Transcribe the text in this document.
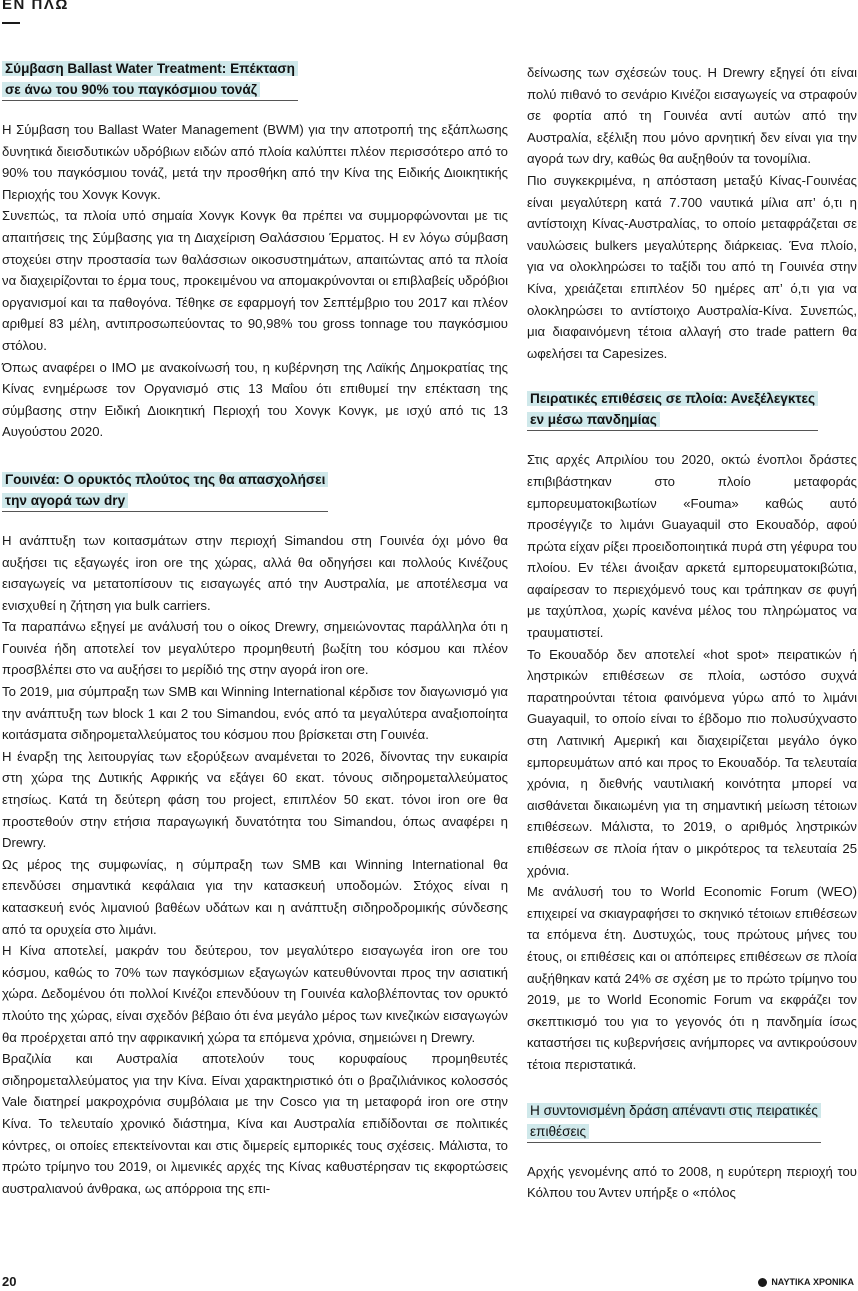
ΕΝ ΠΛΩ
Σύμβαση Ballast Water Treatment: Επέκταση
σε άνω του 90% του παγκόσμιου τονάζ

Η Σύμβαση του Ballast Water Management (BWM) για την αποτροπή της εξάπλωσης δυνητικά διεισδυτικών υδρόβιων ειδών από πλοία καλύπτει πλέον περισσότερο από το 90% του παγκόσμιου τονάζ, μετά την προσθήκη από την Κίνα της Ειδικής Διοικητικής Περιοχής του Χονγκ Κονγκ.

Συνεπώς, τα πλοία υπό σημαία Χονγκ Κονγκ θα πρέπει να συμμορφώνονται με τις απαιτήσεις της Σύμβασης για τη Διαχείριση Θαλάσσιου Έρματος. Η εν λόγω σύμβαση στοχεύει στην προστασία των θαλάσσιων οικοσυστημάτων, απαιτώντας από τα πλοία να διαχειρίζονται το έρμα τους, προκειμένου να απομακρύνονται οι επιβλαβείς υδρόβιοι οργανισμοί και τα παθογόνα. Τέθηκε σε εφαρμογή τον Σεπτέμβριο του 2017 και πλέον αριθμεί 83 μέλη, αντιπροσωπεύοντας το 90,98% του gross tonnage του παγκόσμιου στόλου.

Όπως αναφέρει ο ΙΜΟ με ανακοίνωσή του, η κυβέρνηση της Λαϊκής Δημοκρατίας της Κίνας ενημέρωσε τον Οργανισμό στις 13 Μαΐου ότι επιθυμεί την επέκταση της σύμβασης στην Ειδική Διοικητική Περιοχή του Χονγκ Κονγκ, με ισχύ από τις 13 Αυγούστου 2020.

Γουινέα: Ο ορυκτός πλούτος της θα απασχολήσει
την αγορά των dry

Η ανάπτυξη των κοιτασμάτων στην περιοχή Simandou στη Γουινέα όχι μόνο θα αυξήσει τις εξαγωγές iron ore της χώρας, αλλά θα οδηγήσει και πολλούς Κινέζους εισαγωγείς να μετατοπίσουν τις εισαγωγές από την Αυστραλία, με αποτέλεσμα να ενισχυθεί η ζήτηση για bulk carriers.

Τα παραπάνω εξηγεί με ανάλυσή του ο οίκος Drewry, σημειώνοντας παράλληλα ότι η Γουινέα ήδη αποτελεί τον μεγαλύτερο προμηθευτή βωξίτη του κόσμου και πλέον προσβλέπει στο να αυξήσει το μερίδιό της στην αγορά iron ore.

Το 2019, μια σύμπραξη των SMB και Winning International κέρδισε τον διαγωνισμό για την ανάπτυξη των block 1 και 2 του Simandou, ενός από τα μεγαλύτερα αναξιοποίητα κοιτάσματα σιδηρομεταλλεύματος του κόσμου που βρίσκεται στη Γουινέα.

Η έναρξη της λειτουργίας των εξορύξεων αναμένεται το 2026, δίνοντας την ευκαιρία στη χώρα της Δυτικής Αφρικής να εξάγει 60 εκατ. τόνους σιδηρομεταλλεύματος ετησίως. Κατά τη δεύτερη φάση του project, επιπλέον 50 εκατ. τόνοι iron ore θα προστεθούν στην ετήσια παραγωγική δυνατότητα του Simandou, όπως αναφέρει η Drewry.

Ως μέρος της συμφωνίας, η σύμπραξη των SMB και Winning International θα επενδύσει σημαντικά κεφάλαια για την κατασκευή υποδομών. Στόχος είναι η κατασκευή ενός λιμανιού βαθέων υδάτων και η ανάπτυξη σιδηροδρομικής σύνδεσης από τα ορυχεία στο λιμάνι.

Η Κίνα αποτελεί, μακράν του δεύτερου, τον μεγαλύτερο εισαγωγέα iron ore του κόσμου, καθώς το 70% των παγκόσμιων εξαγωγών κατευθύνονται προς την ασιατική χώρα. Δεδομένου ότι πολλοί Κινέζοι επενδύουν τη Γουινέα καλοβλέποντας τον ορυκτό πλούτο της χώρας, είναι σχεδόν βέβαιο ότι ένα μεγάλο μέρος των κινεζικών εισαγωγών θα προέρχεται από την αφρικανική χώρα τα επόμενα χρόνια, σημειώνει η Drewry.

Βραζιλία και Αυστραλία αποτελούν τους κορυφαίους προμηθευτές σιδηρομεταλλεύματος για την Κίνα. Είναι χαρακτηριστικό ότι ο βραζιλιάνικος κολοσσός Vale διατηρεί μακροχρόνια συμβόλαια με την Cosco για τη μεταφορά iron ore στην Κίνα. Το τελευταίο χρονικό διάστημα, Κίνα και Αυστραλία επιδίδονται σε πολιτικές κόντρες, οι οποίες επεκτείνονται και στις διμερείς εμπορικές τους σχέσεις. Μάλιστα, το πρώτο τρίμηνο του 2019, οι λιμενικές αρχές της Κίνας καθυστέρησαν τις εκφορτώσεις αυστραλιανού άνθρακα, ως απόρροια της επι-

δείνωσης των σχέσεών τους. Η Drewry εξηγεί ότι είναι πολύ πιθανό το σενάριο Κινέζοι εισαγωγείς να στραφούν σε φορτία από τη Γουινέα αντί αυτών από την Αυστραλία, εξέλιξη που μόνο αρνητική δεν είναι για την αγορά των dry, καθώς θα αυξηθούν τα τονομίλια.

Πιο συγκεκριμένα, η απόσταση μεταξύ Κίνας-Γουινέας είναι μεγαλύτερη κατά 7.700 ναυτικά μίλια απ’ ό,τι η αντίστοιχη Κίνας-Αυστραλίας, το οποίο μεταφράζεται σε ναυλώσεις bulkers μεγαλύτερης διάρκειας. Ένα πλοίο, για να ολοκληρώσει το ταξίδι του από τη Γουινέα στην Κίνα, χρειάζεται επιπλέον 50 ημέρες απ’ ό,τι για να ολοκληρώσει το αντίστοιχο Αυστραλία-Κίνα. Συνεπώς, μια διαφαινόμενη τέτοια αλλαγή στο trade pattern θα ωφελήσει τα Capesizes.

Πειρατικές επιθέσεις σε πλοία: Ανεξέλεγκτες
εν μέσω πανδημίας

Στις αρχές Απριλίου του 2020, οκτώ ένοπλοι δράστες επιβιβάστηκαν στο πλοίο μεταφοράς εμπορευματοκιβωτίων «Fouma» καθώς αυτό προσέγγιζε το λιμάνι Guayaquil στο Εκουαδόρ, αφού πρώτα είχαν ρίξει προειδοποιητικά πυρά στη γέφυρα του πλοίου. Εν τέλει άνοιξαν αρκετά εμπορευματοκιβώτια, αφαίρεσαν το περιεχόμενό τους και τράπηκαν σε φυγή με ταχύπλοα, χωρίς κανένα μέλος του πληρώματος να τραυματιστεί.

Το Εκουαδόρ δεν αποτελεί «hot spot» πειρατικών ή ληστρικών επιθέσεων σε πλοία, ωστόσο συχνά παρατηρούνται τέτοια φαινόμενα γύρω από το λιμάνι Guayaquil, το οποίο είναι το έβδομο πιο πολυσύχναστο στη Λατινική Αμερική και διαχειρίζεται μεγάλο όγκο εμπορευμάτων από και προς το Εκουαδόρ. Τα τελευταία χρόνια, η διεθνής ναυτιλιακή κοινότητα μπορεί να αισθάνεται δικαιωμένη για τη σημαντική μείωση τέτοιων επιθέσεων. Μάλιστα, το 2019, ο αριθμός ληστρικών επιθέσεων σε πλοία ήταν ο μικρότερος τα τελευταία 25 χρόνια.

Με ανάλυσή του το World Economic Forum (WEO) επιχειρεί να σκιαγραφήσει το σκηνικό τέτοιων επιθέσεων τα επόμενα έτη. Δυστυχώς, τους πρώτους μήνες του έτους, οι επιθέσεις και οι απόπειρες επιθέσεων σε πλοία αυξήθηκαν κατά 24% σε σχέση με το πρώτο τρίμηνο του 2019, με το World Economic Forum να εκφράζει τον σκεπτικισμό του για το γεγονός ότι η πανδημία ίσως καταστήσει τις κυβερνήσεις ανήμπορες να αντικρούσουν τέτοια περιστατικά.

Η συντονισμένη δράση απέναντι στις πειρατικές
επιθέσεις

Αρχής γενομένης από το 2008, η ευρύτερη περιοχή του Κόλπου του Άντεν υπήρξε ο «πόλος

20	ΝΑΥΤΙΚΑ ΧΡΟΝΙΚΑ
